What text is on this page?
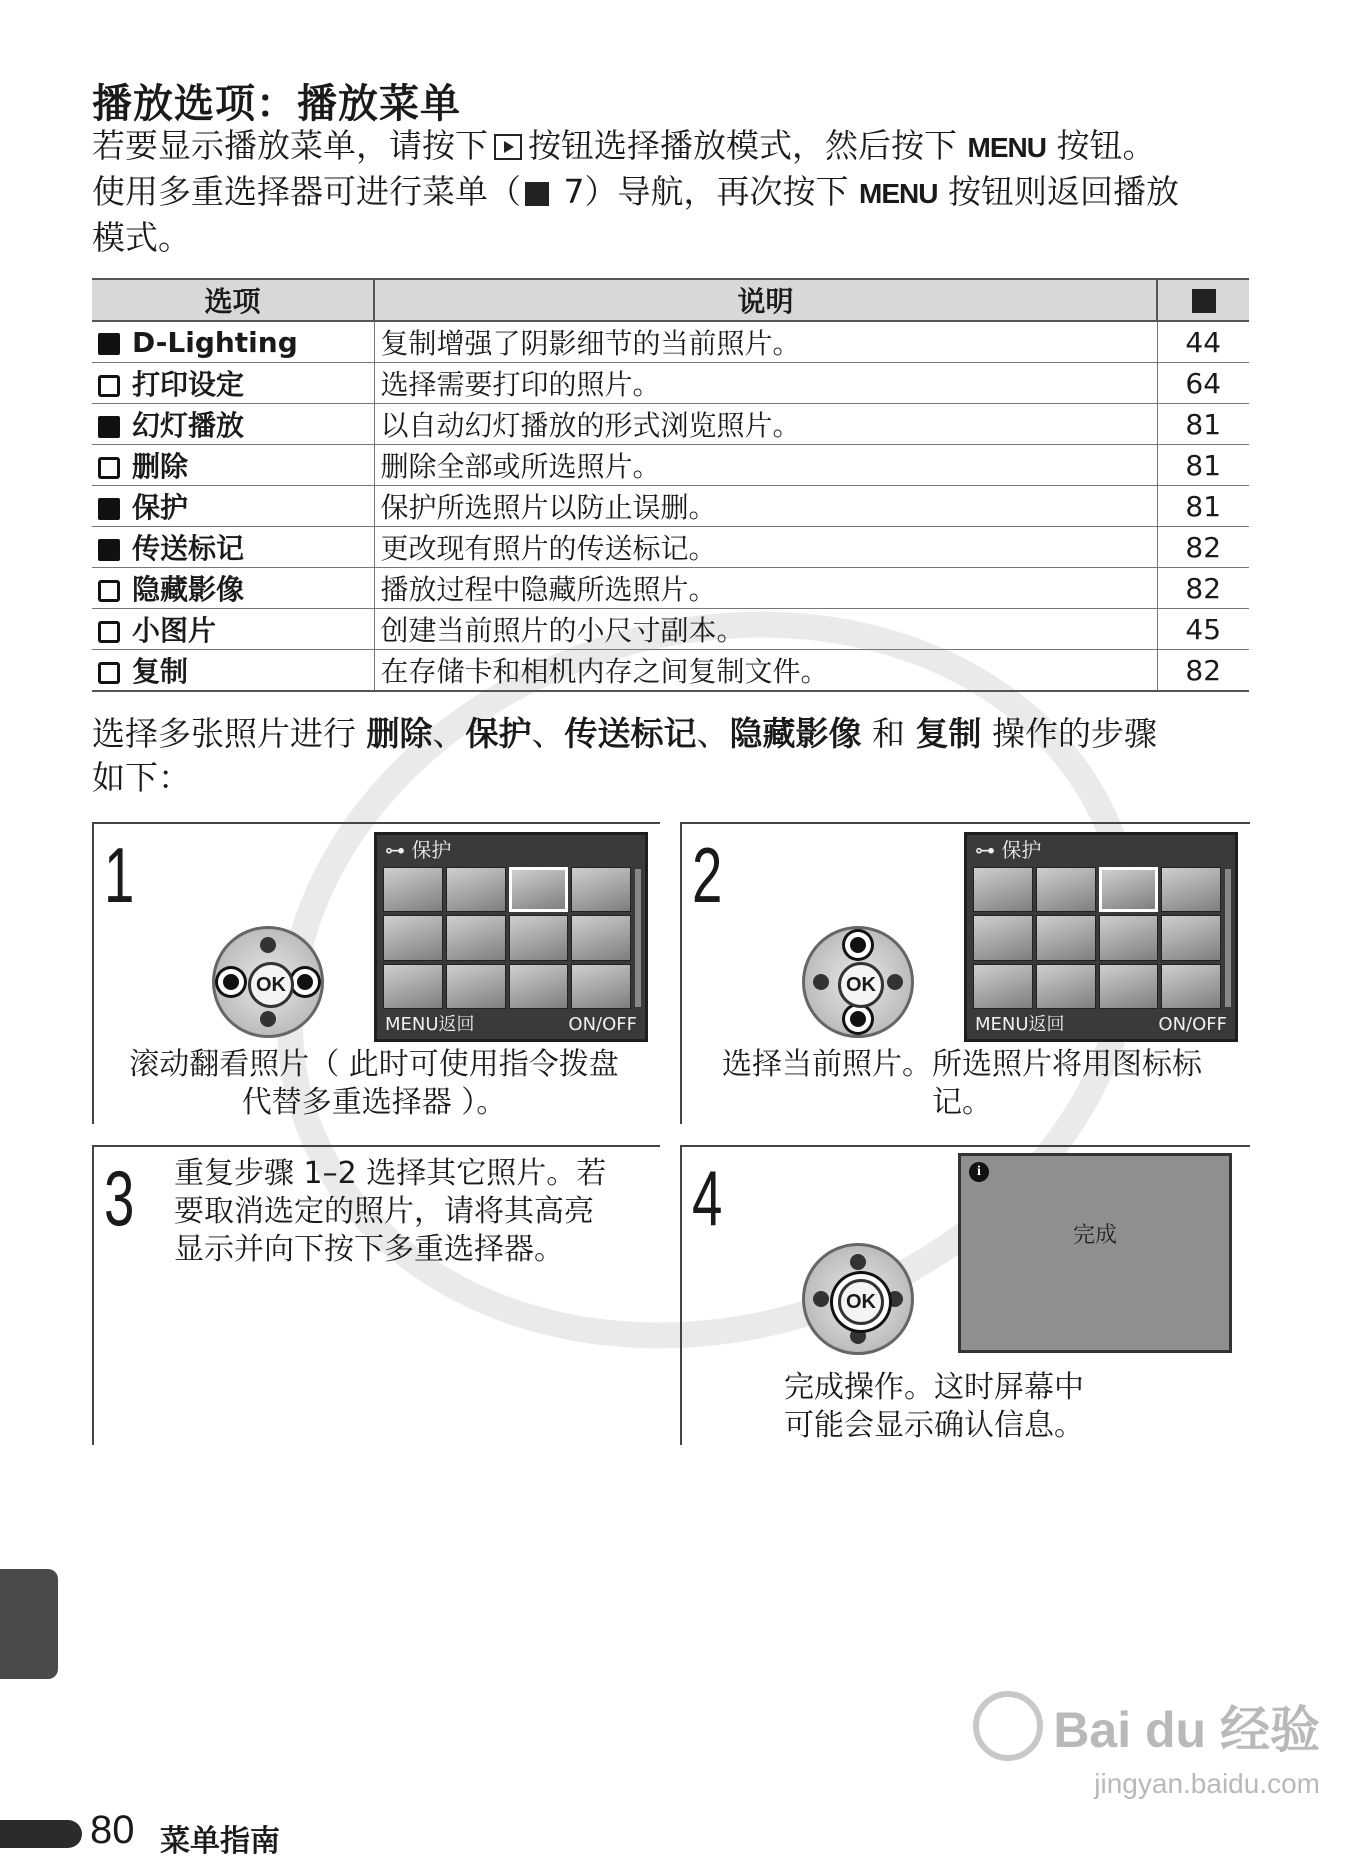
播放选项：播放菜单
若要显示播放菜单，请按下 按钮选择播放模式，然后按下 MENU 按钮。
使用多重选择器可进行菜单（ 7）导航，再次按下 MENU 按钮则返回播放
模式。
选项	说明	
D-Lighting	复制增强了阴影细节的当前照片。	44
打印设定	选择需要打印的照片。	64
幻灯播放	以自动幻灯播放的形式浏览照片。	81
删除	删除全部或所选照片。	81
保护	保护所选照片以防止误删。	81
传送标记	更改现有照片的传送标记。	82
隐藏影像	播放过程中隐藏所选照片。	82
小图片	创建当前照片的小尺寸副本。	45
复制	在存储卡和相机内存之间复制文件。	82
选择多张照片进行 删除、保护、传送标记、隐藏影像 和 复制 操作的步骤
如下：
1
OK
⊶ 保护
MENU返回	ON/OFF
滚动翻看照片（ 此时可使用指令拨盘
代替多重选择器 ）。
2
OK
⊶ 保护
MENU返回	ON/OFF
选择当前照片。所选照片将用图标标
记。
3 重复步骤 1–2 选择其它照片。若
要取消选定的照片，请将其高亮
显示并向下按下多重选择器。
4
OK
完成操作。这时屏幕中
可能会显示确认信息。
i
完成
Bai du 经验
jingyan.baidu.com
80 菜单指南
